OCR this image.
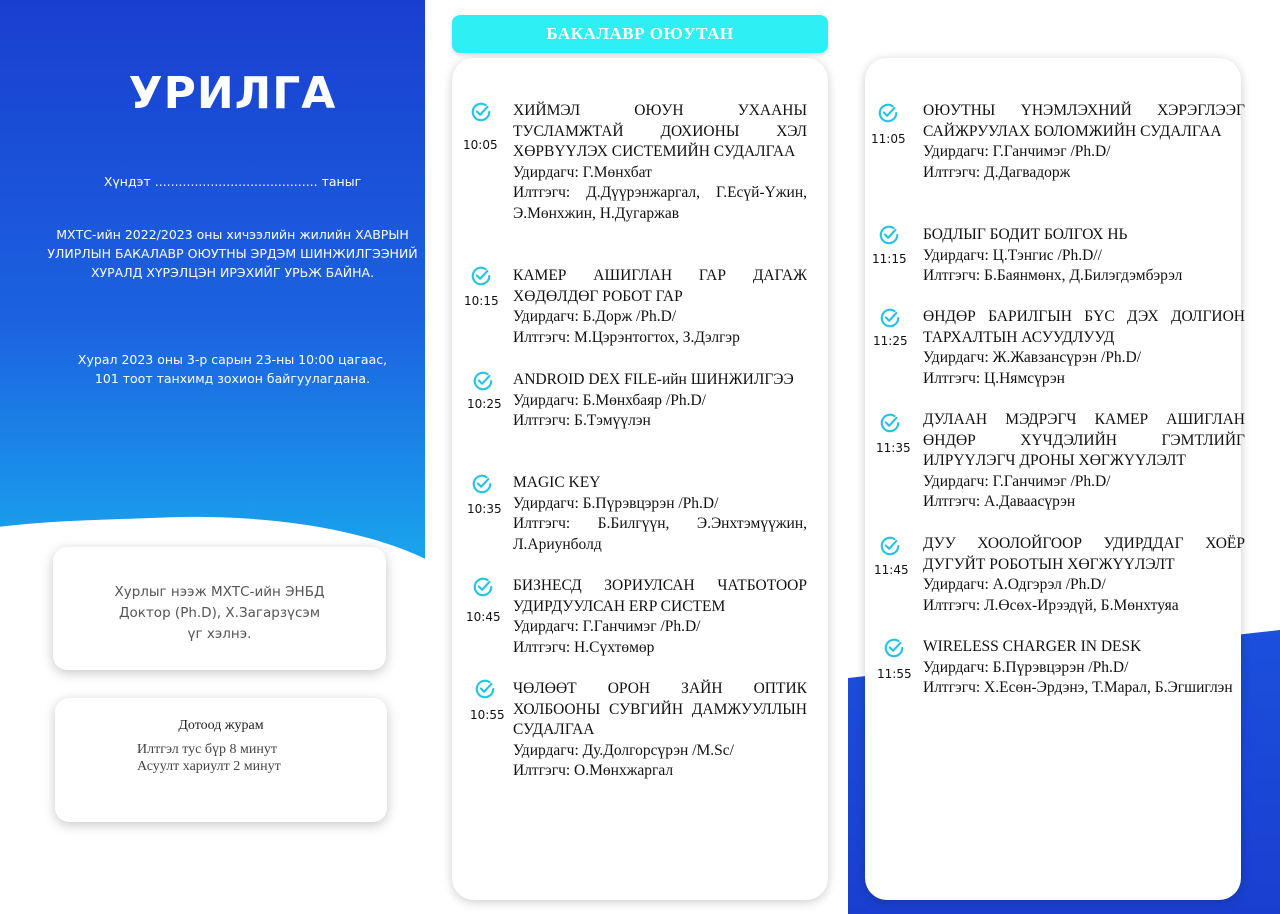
УРИЛГА
Хүндэт ......................................... таныг
МХТС-ийн 2022/2023 оны хичээлийн жилийн ХАВРЫН УЛИРЛЫН БАКАЛАВР ОЮУТНЫ ЭРДЭМ ШИНЖИЛГЭЭНИЙ ХУРАЛД ХҮРЭЛЦЭН ИРЭХИЙГ УРЬЖ БАЙНА.
Хурал 2023 оны 3-р сарын 23-ны 10:00 цагаас,
101 тоот танхимд зохион байгуулагдана.

Хурлыг нээж МХТС-ийн ЭНБД
Доктор (Ph.D), Х.Загарзүсэм
үг хэлнэ.

Дотоод журам
Илтгэл тус бүр 8 минут
Асуулт хариулт 2 минут
БАКАЛАВР ОЮУТАН
10:05
ХИЙМЭЛ ОЮУН УХААНЫ ТУСЛАМЖТАЙ ДОХИОНЫ ХЭЛ ХӨРВҮҮЛЭХ СИСТЕМИЙН СУДАЛГАА
Удирдагч: Г.Мөнхбат
Илтгэгч: Д.Дүүрэнжаргал, Г.Есүй-Үжин, Э.Мөнхжин, Н.Дугаржав
10:15
КАМЕР АШИГЛАН ГАР ДАГАЖ ХӨДӨЛДӨГ РОБОТ ГАР
Удирдагч: Б.Дорж /Ph.D/
Илтгэгч: М.Цэрэнтогтох, З.Дэлгэр
10:25
ANDROID DEX FILE-ийн ШИНЖИЛГЭЭ
Удирдагч: Б.Мөнхбаяр /Ph.D/
Илтгэгч: Б.Тэмүүлэн
10:35
MAGIC KEY
Удирдагч: Б.Пүрэвцэрэн /Ph.D/
Илтгэгч: Б.Билгүүн, Э.Энхтэмүүжин, Л.Ариунболд
10:45
БИЗНЕСД ЗОРИУЛСАН ЧАТБОТООР УДИРДУУЛСАН ERP СИСТЕМ
Удирдагч: Г.Ганчимэг /Ph.D/
Илтгэгч: Н.Сүхтөмөр
10:55
ЧӨЛӨӨТ ОРОН ЗАЙН ОПТИК ХОЛБООНЫ СУВГИЙН ДАМЖУУЛЛЫН СУДАЛГАА
Удирдагч: Ду.Долгорсүрэн /M.Sc/
Илтгэгч: О.Мөнхжаргал
11:05
ОЮУТНЫ ҮНЭМЛЭХНИЙ ХЭРЭГЛЭЭГ САЙЖРУУЛАХ БОЛОМЖИЙН СУДАЛГАА
Удирдагч: Г.Ганчимэг /Ph.D/
Илтгэгч: Д.Дагвадорж
11:15
БОДЛЫГ БОДИТ БОЛГОХ НЬ
Удирдагч: Ц.Тэнгис /Ph.D//
Илтгэгч: Б.Баянмөнх, Д.Билэгдэмбэрэл
11:25
ӨНДӨР БАРИЛГЫН БҮС ДЭХ ДОЛГИОН ТАРХАЛТЫН АСУУДЛУУД
Удирдагч: Ж.Жавзансүрэн /Ph.D/
Илтгэгч: Ц.Нямсүрэн
11:35
ДУЛААН МЭДРЭГЧ КАМЕР АШИГЛАН ӨНДӨР ХҮЧДЭЛИЙН ГЭМТЛИЙГ ИЛРҮҮЛЭГЧ ДРОНЫ ХӨГЖҮҮЛЭЛТ
Удирдагч: Г.Ганчимэг /Ph.D/
Илтгэгч: А.Даваасүрэн
11:45
ДУУ ХООЛОЙГООР УДИРДДАГ ХОЁР ДУГУЙТ РОБОТЫН ХӨГЖҮҮЛЭЛТ
Удирдагч: А.Одгэрэл /Ph.D/
Илтгэгч: Л.Өсөх-Ирээдүй, Б.Мөнхтуяа
11:55
WIRELESS CHARGER IN DESK
Удирдагч: Б.Пүрэвцэрэн /Ph.D/
Илтгэгч: Х.Есөн-Эрдэнэ, Т.Марал, Б.Эгшиглэн
